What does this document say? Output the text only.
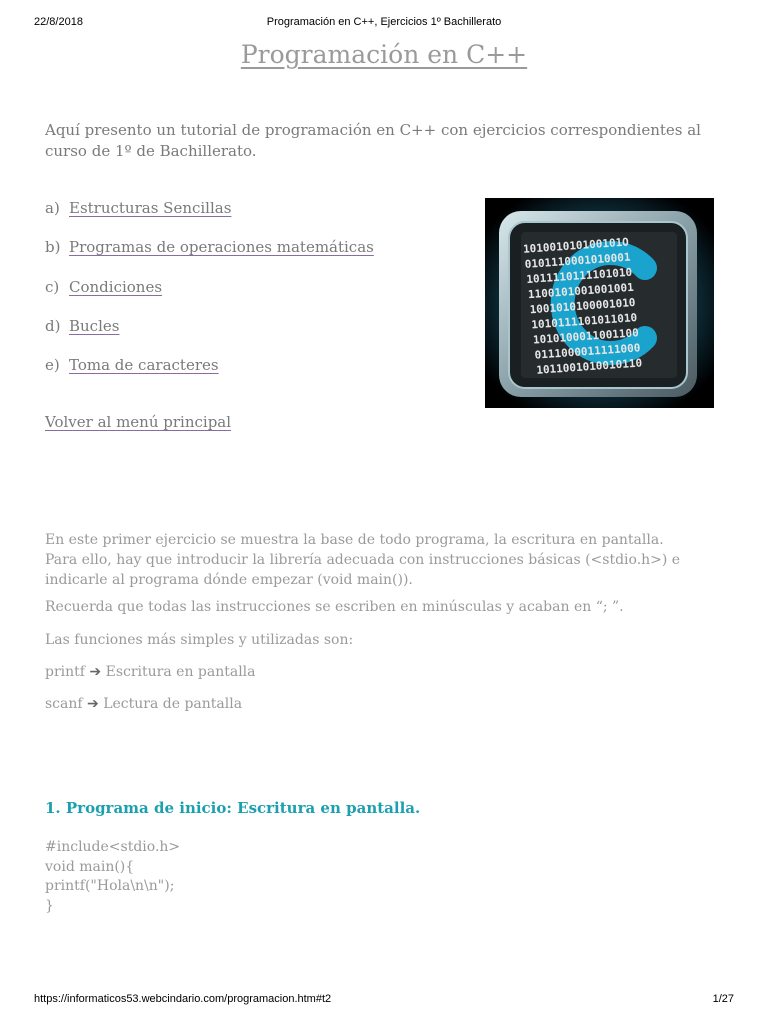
22/8/2018	Programación en C++, Ejercicios 1º Bachillerato
Programación en C++
Aquí presento un tutorial de programación en C++ con ejercicios correspondientes al curso de 1º de Bachillerato.
a) Estructuras Sencillas
b) Programas de operaciones matemáticas
c) Condiciones
d) Bucles
e) Toma de caracteres
Volver al menú principal
101001010100101O
0101110001010001
1011110111101010
1100101001001001
1001010100001010
1010111101011010
1010100011001100
0111000011111000
1011001010010110
En este primer ejercicio se muestra la base de todo programa, la escritura en pantalla.
Para ello, hay que introducir la librería adecuada con instrucciones básicas (<stdio.h>) e
indicarle al programa dónde empezar (void main()).
Recuerda que todas las instrucciones se escriben en minúsculas y acaban en “; ”.
Las funciones más simples y utilizadas son:
printf ➔ Escritura en pantalla
scanf ➔ Lectura de pantalla
1. Programa de inicio: Escritura en pantalla.
#include<stdio.h>
void main(){
printf("Hola\n\n");
}
https://informaticos53.webcindario.com/programacion.htm#t2	1/27
